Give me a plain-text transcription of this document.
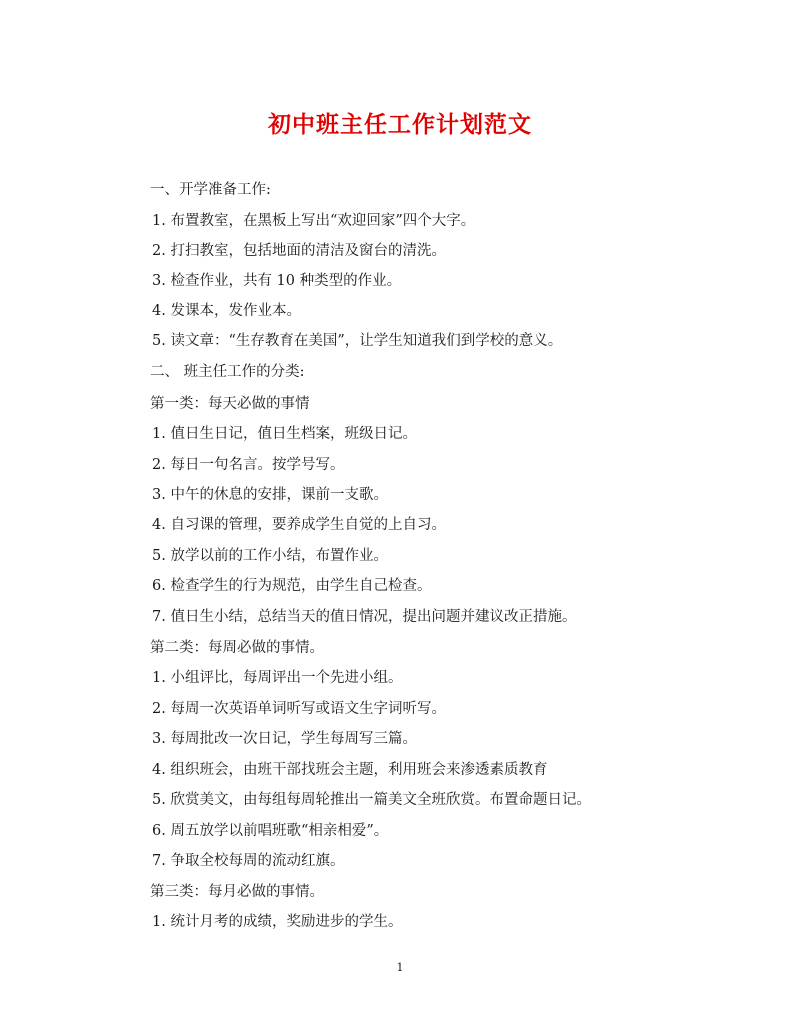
初中班主任工作计划范文
一、开学准备工作:
1. 布置教室，在黑板上写出“欢迎回家”四个大字。
2. 打扫教室，包括地面的清洁及窗台的清洗。
3. 检查作业，共有 10 种类型的作业。
4. 发课本，发作业本。
5. 读文章：“生存教育在美国”，让学生知道我们到学校的意义。
二、 班主任工作的分类:
第一类：每天必做的事情
1. 值日生日记，值日生档案，班级日记。
2. 每日一句名言。按学号写。
3. 中午的休息的安排，课前一支歌。
4. 自习课的管理，要养成学生自觉的上自习。
5. 放学以前的工作小结，布置作业。
6. 检查学生的行为规范，由学生自己检查。
7. 值日生小结，总结当天的值日情况，提出问题并建议改正措施。
第二类：每周必做的事情。
1. 小组评比，每周评出一个先进小组。
2. 每周一次英语单词听写或语文生字词听写。
3. 每周批改一次日记，学生每周写三篇。
4. 组织班会，由班干部找班会主题，利用班会来渗透素质教育
5. 欣赏美文，由每组每周轮推出一篇美文全班欣赏。布置命题日记。
6. 周五放学以前唱班歌“相亲相爱”。
7. 争取全校每周的流动红旗。
第三类：每月必做的事情。
1. 统计月考的成绩，奖励进步的学生。
1
